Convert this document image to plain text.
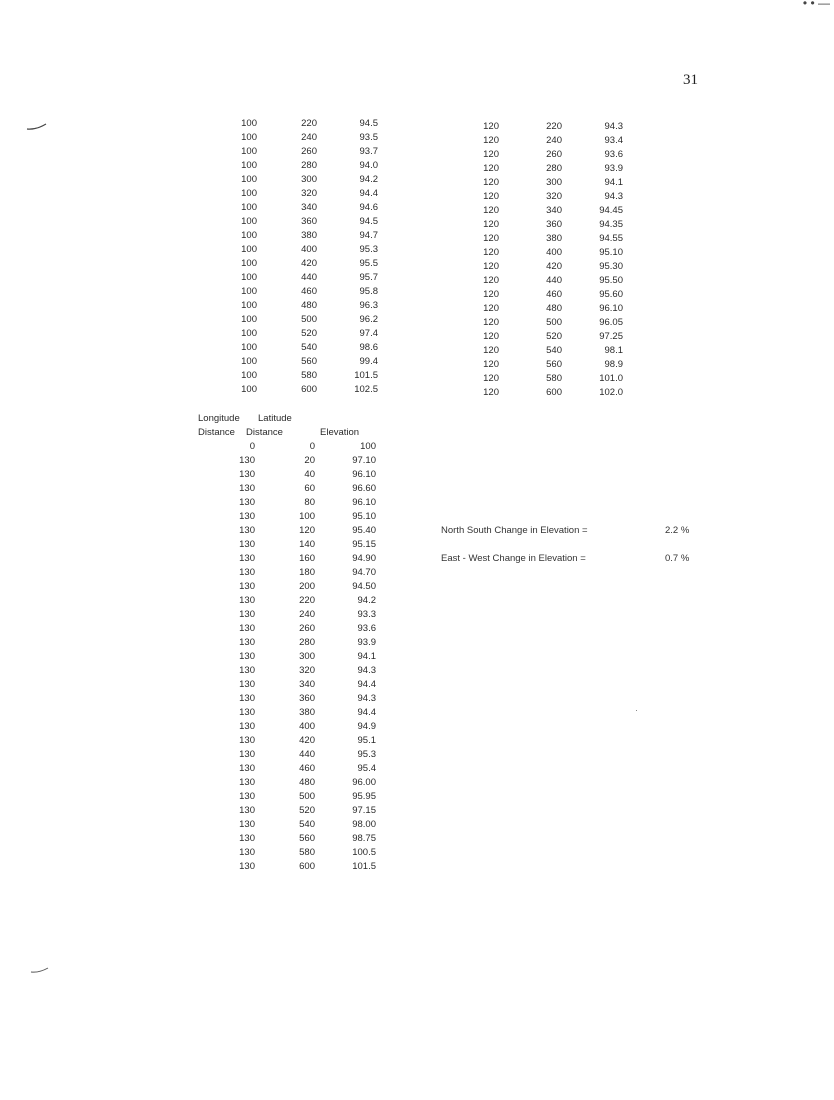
• • —
31
100	220	94.5
100	240	93.5
100	260	93.7
100	280	94.0
100	300	94.2
100	320	94.4
100	340	94.6
100	360	94.5
100	380	94.7
100	400	95.3
100	420	95.5
100	440	95.7
100	460	95.8
100	480	96.3
100	500	96.2
100	520	97.4
100	540	98.6
100	560	99.4
100	580	101.5
100	600	102.5
120	220	94.3
120	240	93.4
120	260	93.6
120	280	93.9
120	300	94.1
120	320	94.3
120	340	94.45
120	360	94.35
120	380	94.55
120	400	95.10
120	420	95.30
120	440	95.50
120	460	95.60
120	480	96.10
120	500	96.05
120	520	97.25
120	540	98.1
120	560	98.9
120	580	101.0
120	600	102.0
Longitude	Latitude
Distance	Distance	Elevation
0	0	100
130	20	97.10
130	40	96.10
130	60	96.60
130	80	96.10
130	100	95.10
130	120	95.40
130	140	95.15
130	160	94.90
130	180	94.70
130	200	94.50
130	220	94.2
130	240	93.3
130	260	93.6
130	280	93.9
130	300	94.1
130	320	94.3
130	340	94.4
130	360	94.3
130	380	94.4
130	400	94.9
130	420	95.1
130	440	95.3
130	460	95.4
130	480	96.00
130	500	95.95
130	520	97.15
130	540	98.00
130	560	98.75
130	580	100.5
130	600	101.5
North South Change in Elevation =	2.2 %
East - West Change in Elevation =	0.7 %
